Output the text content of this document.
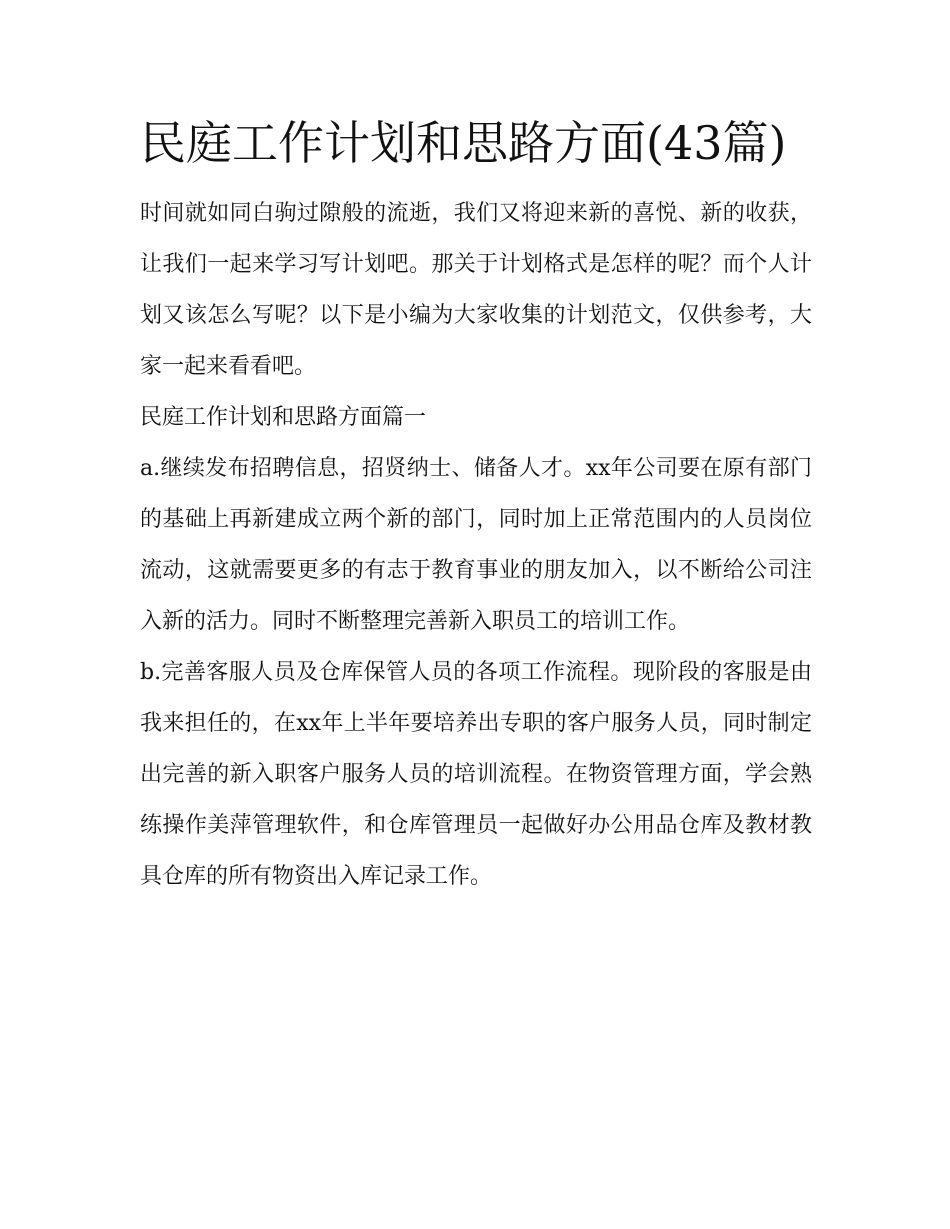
民庭工作计划和思路方面(43篇)

时间就如同白驹过隙般的流逝，我们又将迎来新的喜悦、新的收获，让我们一起来学习写计划吧。那关于计划格式是怎样的呢？而个人计划又该怎么写呢？以下是小编为大家收集的计划范文，仅供参考，大家一起来看看吧。

民庭工作计划和思路方面篇一

a.继续发布招聘信息，招贤纳士、储备人才。xx年公司要在原有部门的基础上再新建成立两个新的部门，同时加上正常范围内的人员岗位流动，这就需要更多的有志于教育事业的朋友加入，以不断给公司注入新的活力。同时不断整理完善新入职员工的培训工作。

b.完善客服人员及仓库保管人员的各项工作流程。现阶段的客服是由我来担任的，在xx年上半年要培养出专职的客户服务人员，同时制定出完善的新入职客户服务人员的培训流程。在物资管理方面，学会熟练操作美萍管理软件，和仓库管理员一起做好办公用品仓库及教材教具仓库的所有物资出入库记录工作。
